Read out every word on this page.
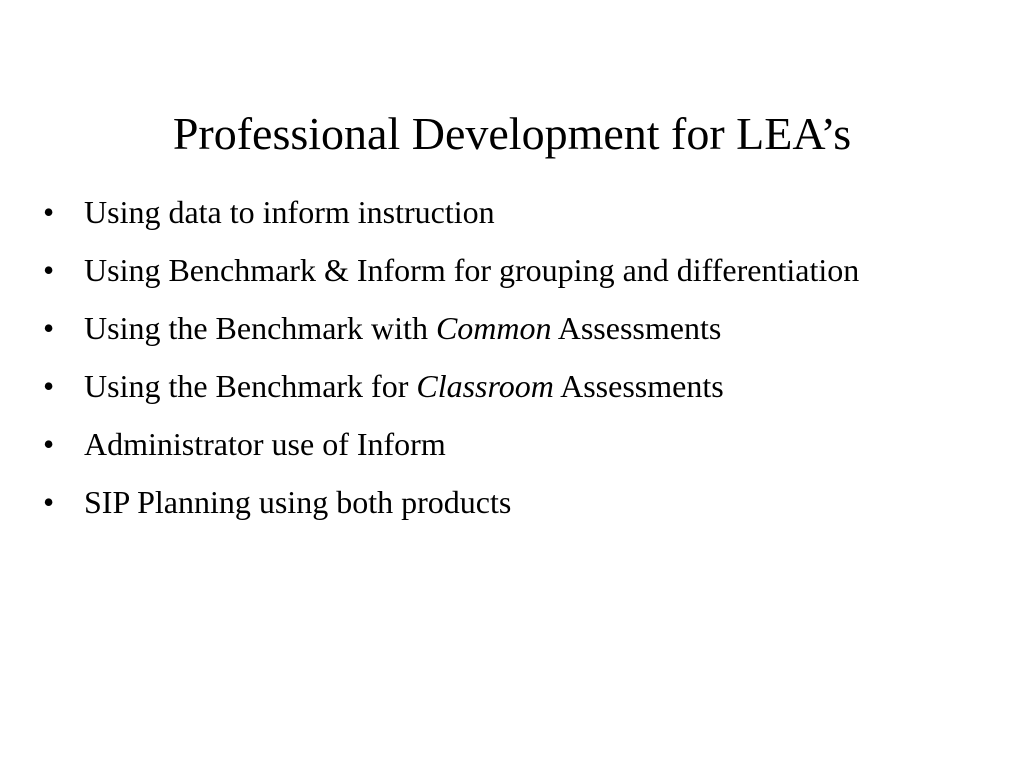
Professional Development for LEA’s
• Using data to inform instruction
• Using Benchmark & Inform for grouping and differentiation
• Using the Benchmark with Common Assessments
• Using the Benchmark for Classroom Assessments
• Administrator use of Inform
• SIP Planning using both products
